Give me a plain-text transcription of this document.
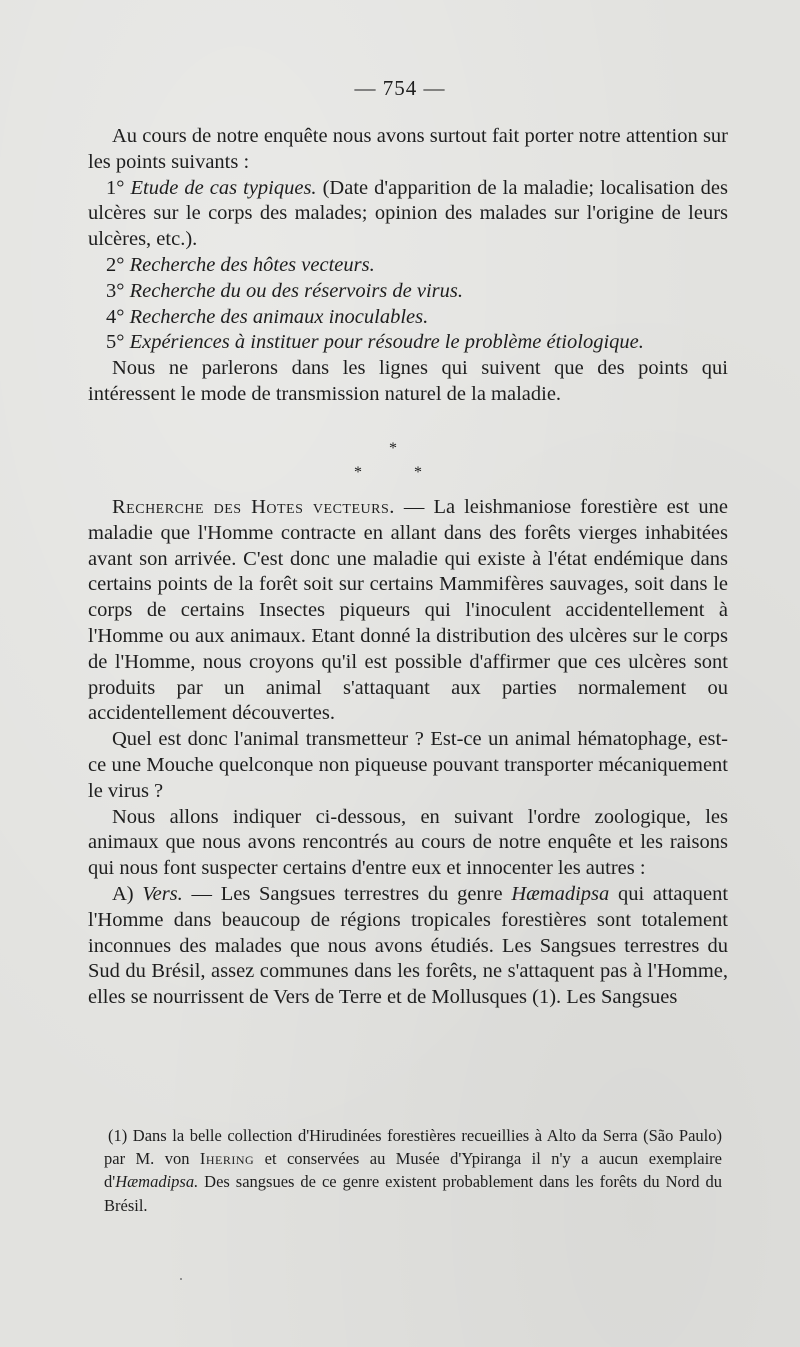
— 754 —

Au cours de notre enquête nous avons surtout fait porter notre attention sur les points suivants :

1° Etude de cas typiques. (Date d'apparition de la maladie; localisation des ulcères sur le corps des malades; opinion des malades sur l'origine de leurs ulcères, etc.).

2° Recherche des hôtes vecteurs.

3° Recherche du ou des réservoirs de virus.

4° Recherche des animaux inoculables.

5° Expériences à instituer pour résoudre le problème étiologique.

Nous ne parlerons dans les lignes qui suivent que des points qui intéressent le mode de transmission naturel de la maladie.

*
* *

Recherche des Hotes vecteurs. — La leishmaniose forestière est une maladie que l'Homme contracte en allant dans des forêts vierges inhabitées avant son arrivée. C'est donc une maladie qui existe à l'état endémique dans certains points de la forêt soit sur certains Mammifères sauvages, soit dans le corps de certains Insectes piqueurs qui l'inoculent accidentellement à l'Homme ou aux animaux. Etant donné la distribution des ulcères sur le corps de l'Homme, nous croyons qu'il est possible d'affirmer que ces ulcères sont produits par un animal s'attaquant aux parties normalement ou accidentellement découvertes.

Quel est donc l'animal transmetteur ? Est-ce un animal hématophage, est-ce une Mouche quelconque non piqueuse pouvant transporter mécaniquement le virus ?

Nous allons indiquer ci-dessous, en suivant l'ordre zoologique, les animaux que nous avons rencontrés au cours de notre enquête et les raisons qui nous font suspecter certains d'entre eux et innocenter les autres :

A) Vers. — Les Sangsues terrestres du genre Hæmadipsa qui attaquent l'Homme dans beaucoup de régions tropicales forestières sont totalement inconnues des malades que nous avons étudiés. Les Sangsues terrestres du Sud du Brésil, assez communes dans les forêts, ne s'attaquent pas à l'Homme, elles se nourrissent de Vers de Terre et de Mollusques (1). Les Sangsues

(1) Dans la belle collection d'Hirudinées forestières recueillies à Alto da Serra (São Paulo) par M. von Ihering et conservées au Musée d'Ypiranga il n'y a aucun exemplaire d'Hæmadipsa. Des sangsues de ce genre existent probablement dans les forêts du Nord du Brésil.
